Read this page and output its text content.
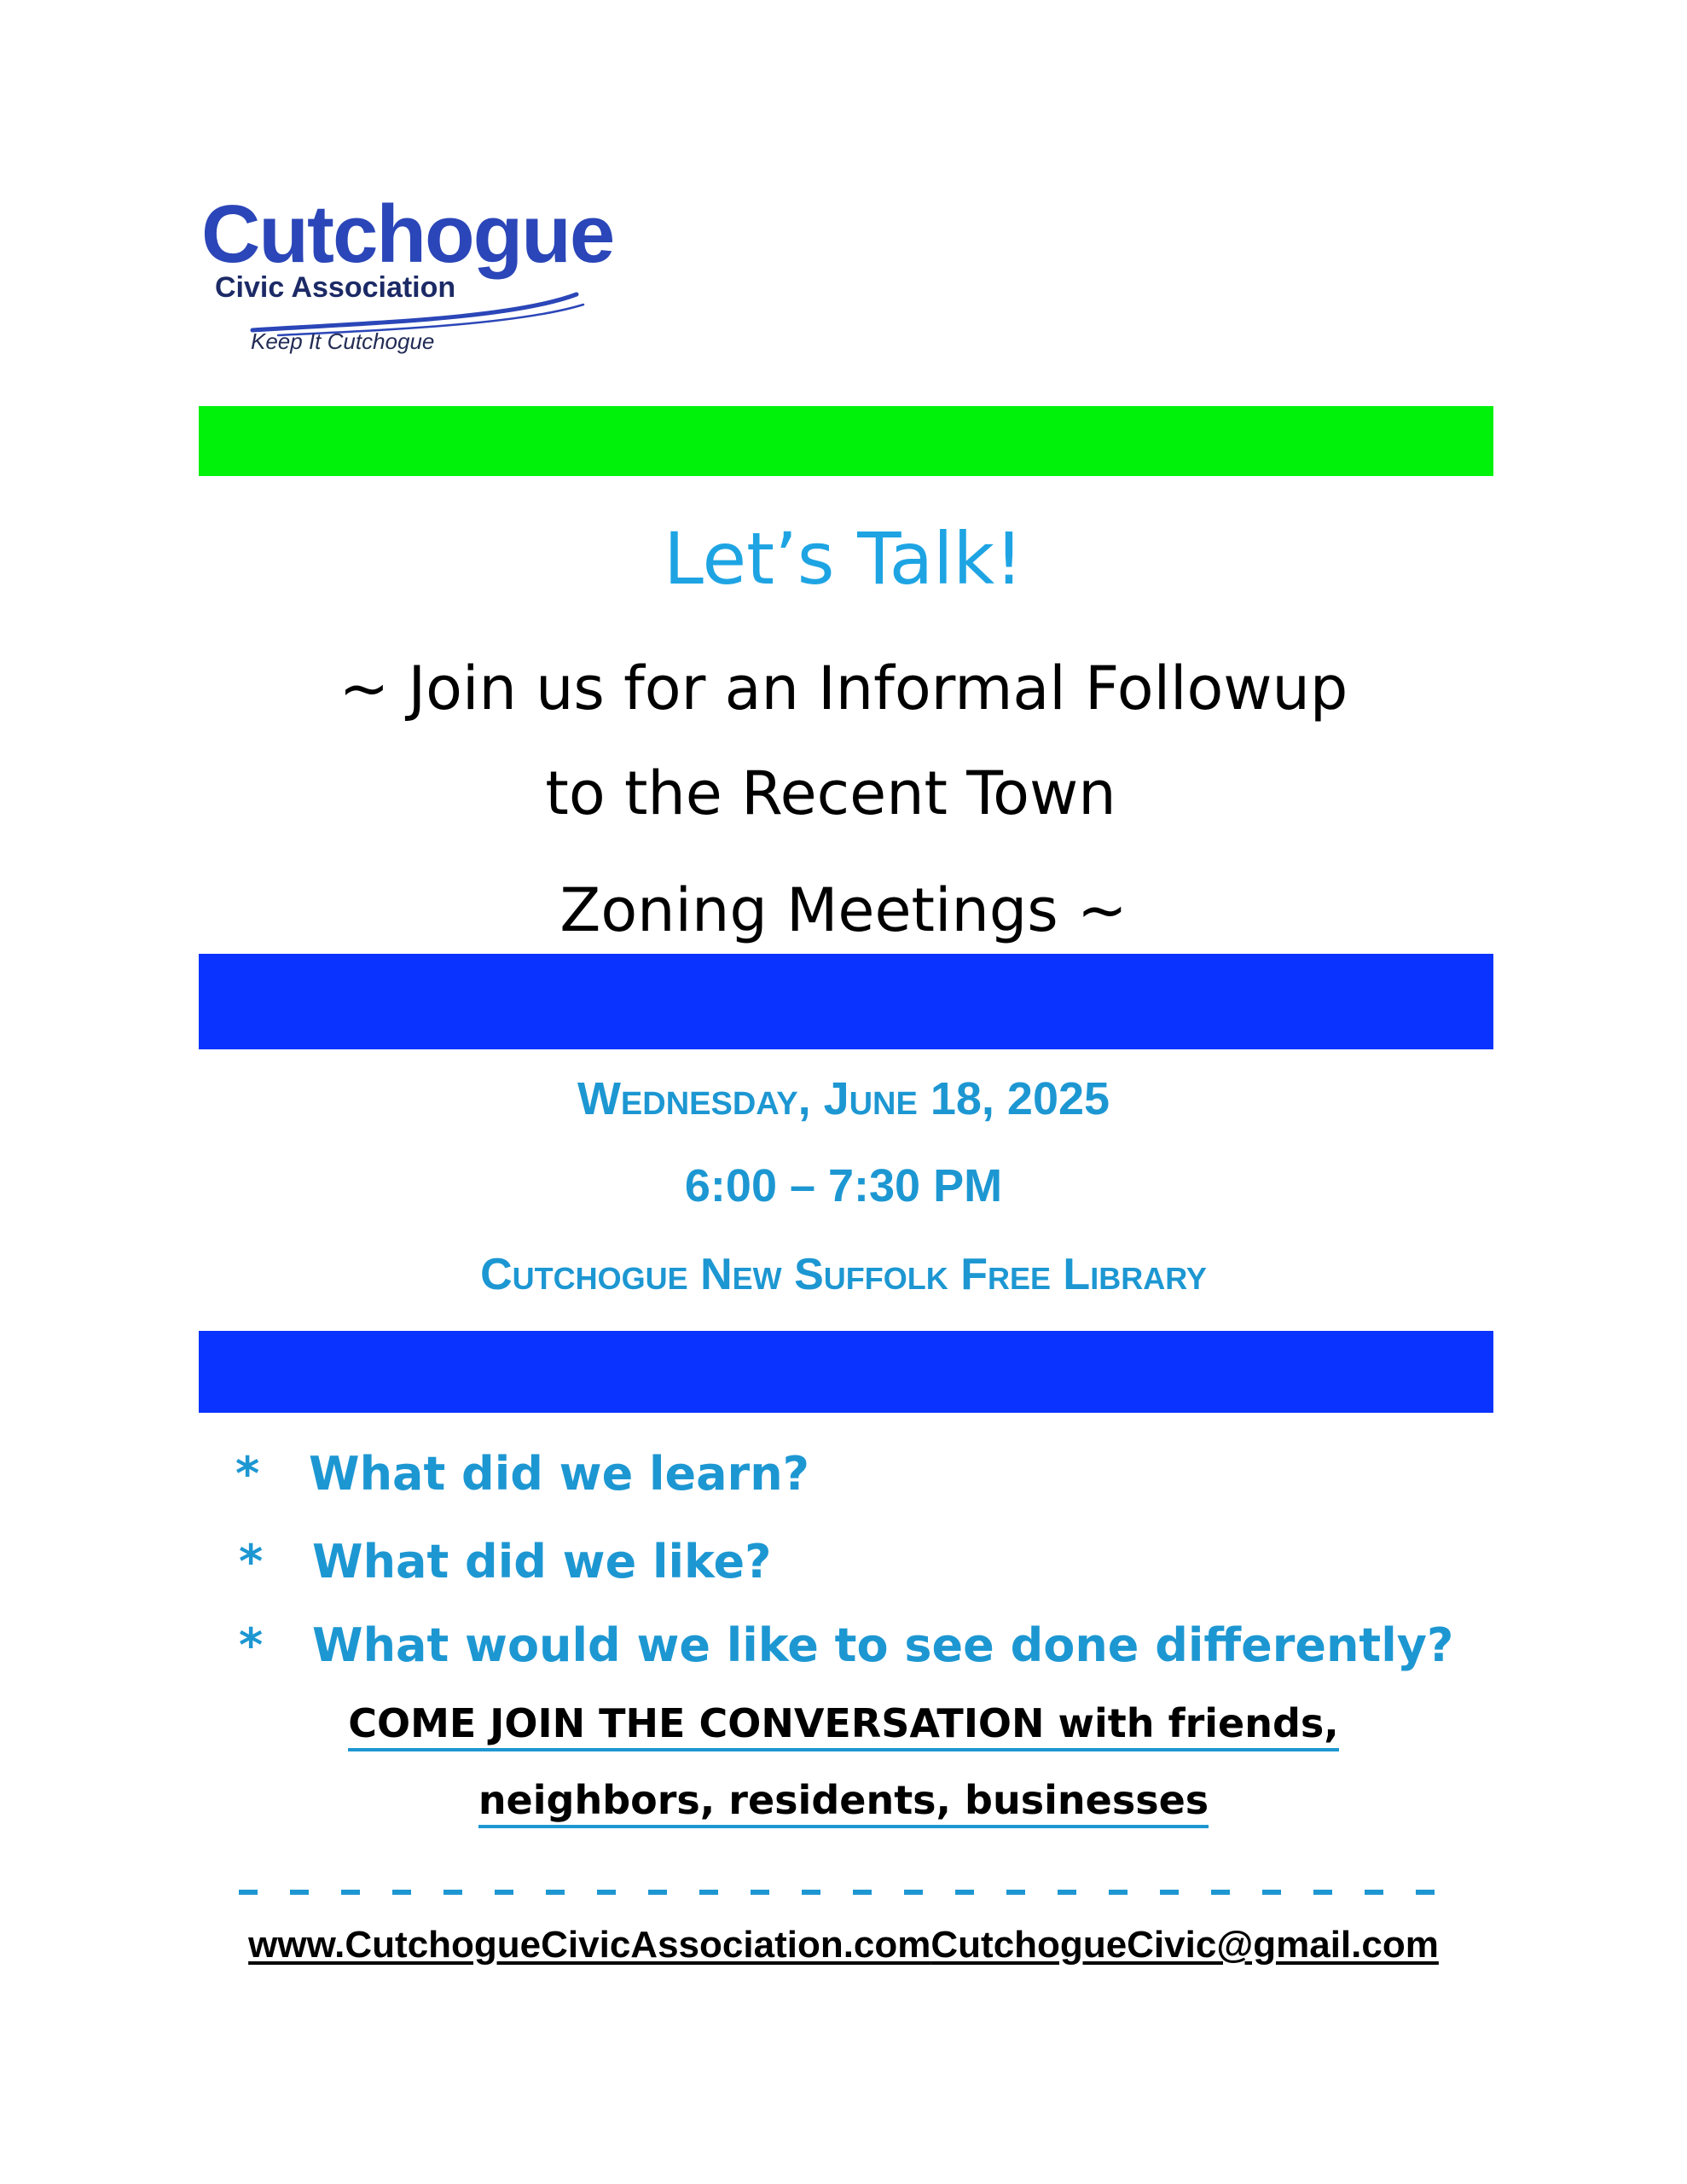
Cutchogue
Civic Association
Keep It Cutchogue
Let’s Talk!
~ Join us for an Informal Followup
to the Recent Town
Zoning Meetings ~
Wednesday, June 18, 2025
6:00 – 7:30 PM
Cutchogue New Suffolk Free Library
* What did we learn?
* What did we like?
* What would we like to see done differently?
COME JOIN THE CONVERSATION with friends,
neighbors, residents, businesses
www.CutchogueCivicAssociation.comCutchogueCivic@gmail.com
